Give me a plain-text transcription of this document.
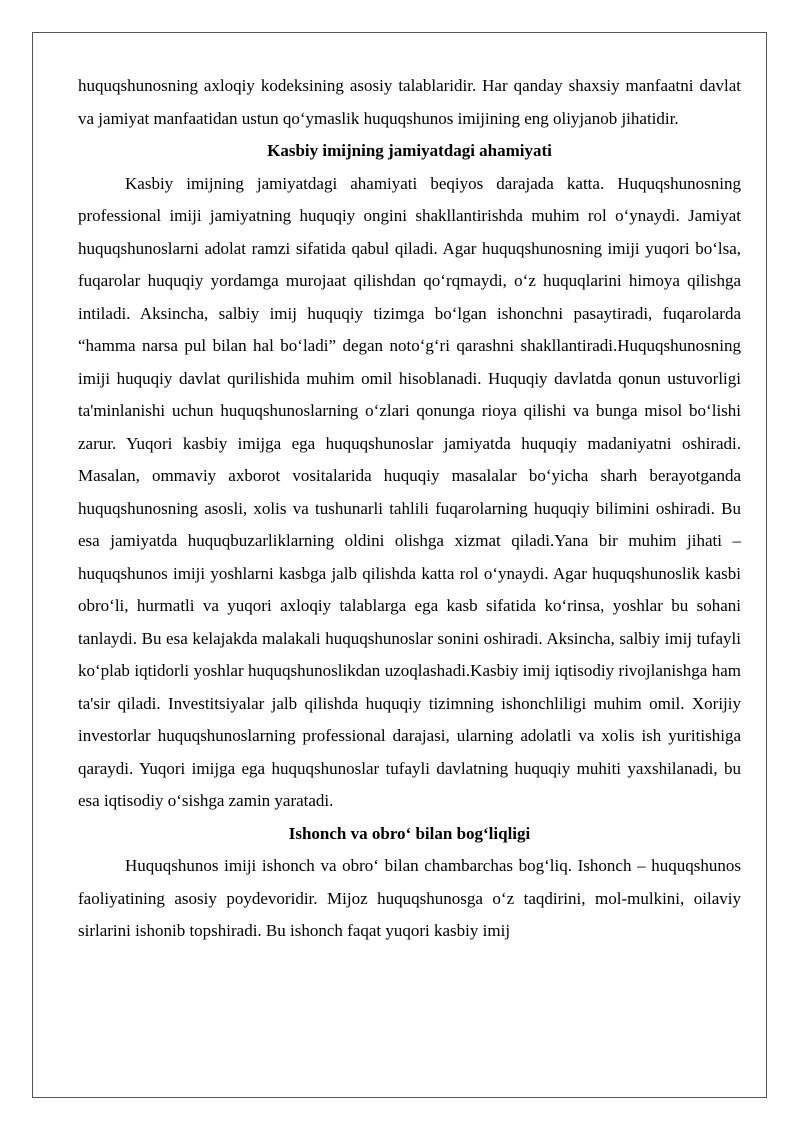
huquqshunosning axloqiy kodeksining asosiy talablaridir. Har qanday shaxsiy manfaatni davlat va jamiyat manfaatidan ustun qo‘ymaslik huquqshunos imijining eng oliyjanob jihatidir.

Kasbiy imijning jamiyatdagi ahamiyati

Kasbiy imijning jamiyatdagi ahamiyati beqiyos darajada katta. Huquqshunosning professional imiji jamiyatning huquqiy ongini shakllantirishda muhim rol o‘ynaydi. Jamiyat huquqshunoslarni adolat ramzi sifatida qabul qiladi. Agar huquqshunosning imiji yuqori bo‘lsa, fuqarolar huquqiy yordamga murojaat qilishdan qo‘rqmaydi, o‘z huquqlarini himoya qilishga intiladi. Aksincha, salbiy imij huquqiy tizimga bo‘lgan ishonchni pasaytiradi, fuqarolarda “hamma narsa pul bilan hal bo‘ladi” degan noto‘g‘ri qarashni shakllantiradi.Huquqshunosning imiji huquqiy davlat qurilishida muhim omil hisoblanadi. Huquqiy davlatda qonun ustuvorligi ta'minlanishi uchun huquqshunoslarning o‘zlari qonunga rioya qilishi va bunga misol bo‘lishi zarur. Yuqori kasbiy imijga ega huquqshunoslar jamiyatda huquqiy madaniyatni oshiradi. Masalan, ommaviy axborot vositalarida huquqiy masalalar bo‘yicha sharh berayotganda huquqshunosning asosli, xolis va tushunarli tahlili fuqarolarning huquqiy bilimini oshiradi. Bu esa jamiyatda huquqbuzarliklarning oldini olishga xizmat qiladi.Yana bir muhim jihati – huquqshunos imiji yoshlarni kasbga jalb qilishda katta rol o‘ynaydi. Agar huquqshunoslik kasbi obro‘li, hurmatli va yuqori axloqiy talablarga ega kasb sifatida ko‘rinsa, yoshlar bu sohani tanlaydi. Bu esa kelajakda malakali huquqshunoslar sonini oshiradi. Aksincha, salbiy imij tufayli ko‘plab iqtidorli yoshlar huquqshunoslikdan uzoqlashadi.Kasbiy imij iqtisodiy rivojlanishga ham ta'sir qiladi. Investitsiyalar jalb qilishda huquqiy tizimning ishonchliligi muhim omil. Xorijiy investorlar huquqshunoslarning professional darajasi, ularning adolatli va xolis ish yuritishiga qaraydi. Yuqori imijga ega huquqshunoslar tufayli davlatning huquqiy muhiti yaxshilanadi, bu esa iqtisodiy o‘sishga zamin yaratadi.

Ishonch va obro‘ bilan bog‘liqligi

Huquqshunos imiji ishonch va obro‘ bilan chambarchas bog‘liq. Ishonch – huquqshunos faoliyatining asosiy poydevoridir. Mijoz huquqshunosga o‘z taqdirini, mol-mulkini, oilaviy sirlarini ishonib topshiradi. Bu ishonch faqat yuqori kasbiy imij
